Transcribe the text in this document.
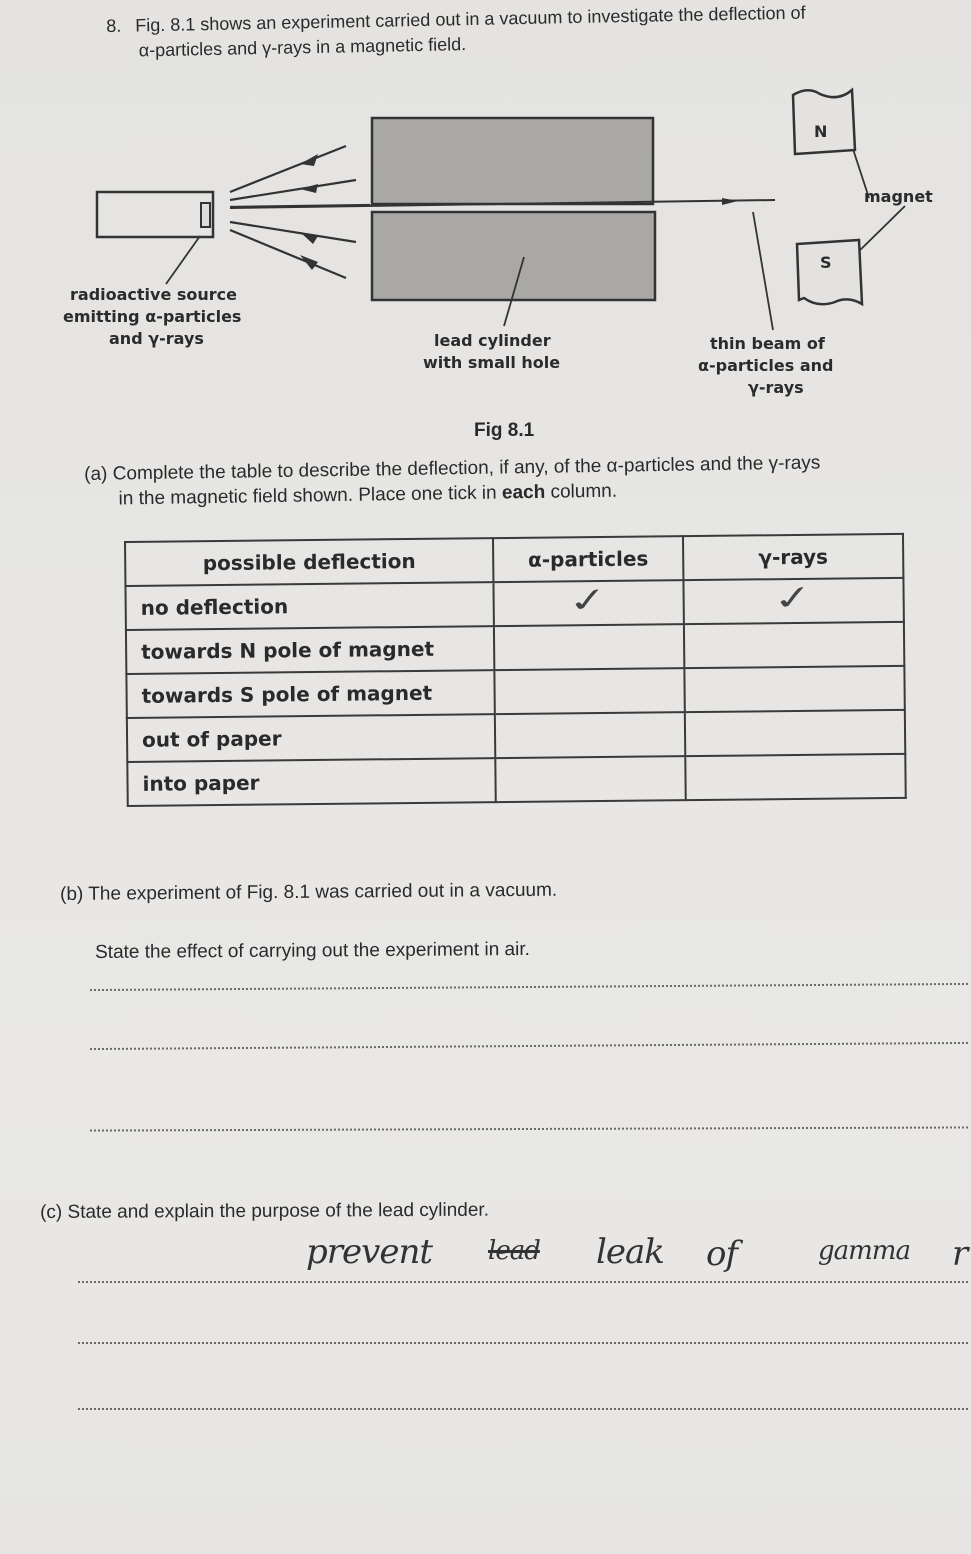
8. Fig. 8.1 shows an experiment carried out in a vacuum to investigate the deflection of
α-particles and γ-rays in a magnetic field.
N
S
magnet
radioactive source
emitting α-particles
and γ-rays	lead cylinder
with small hole
thin beam of
α-particles and
γ-rays
Fig 8.1
(a) Complete the table to describe the deflection, if any, of the α-particles and the γ-rays
in the magnetic field shown. Place one tick in each column.
possible deflection	α-particles	γ-rays
no deflection	✓	✓
towards N pole of magnet		
towards S pole of magnet		
out of paper		
into paper		
(b) The experiment of Fig. 8.1 was carried out in a vacuum.
State the effect of carrying out the experiment in air.
(c) State and explain the purpose of the lead cylinder.
prevent lead leak of	gamma r
